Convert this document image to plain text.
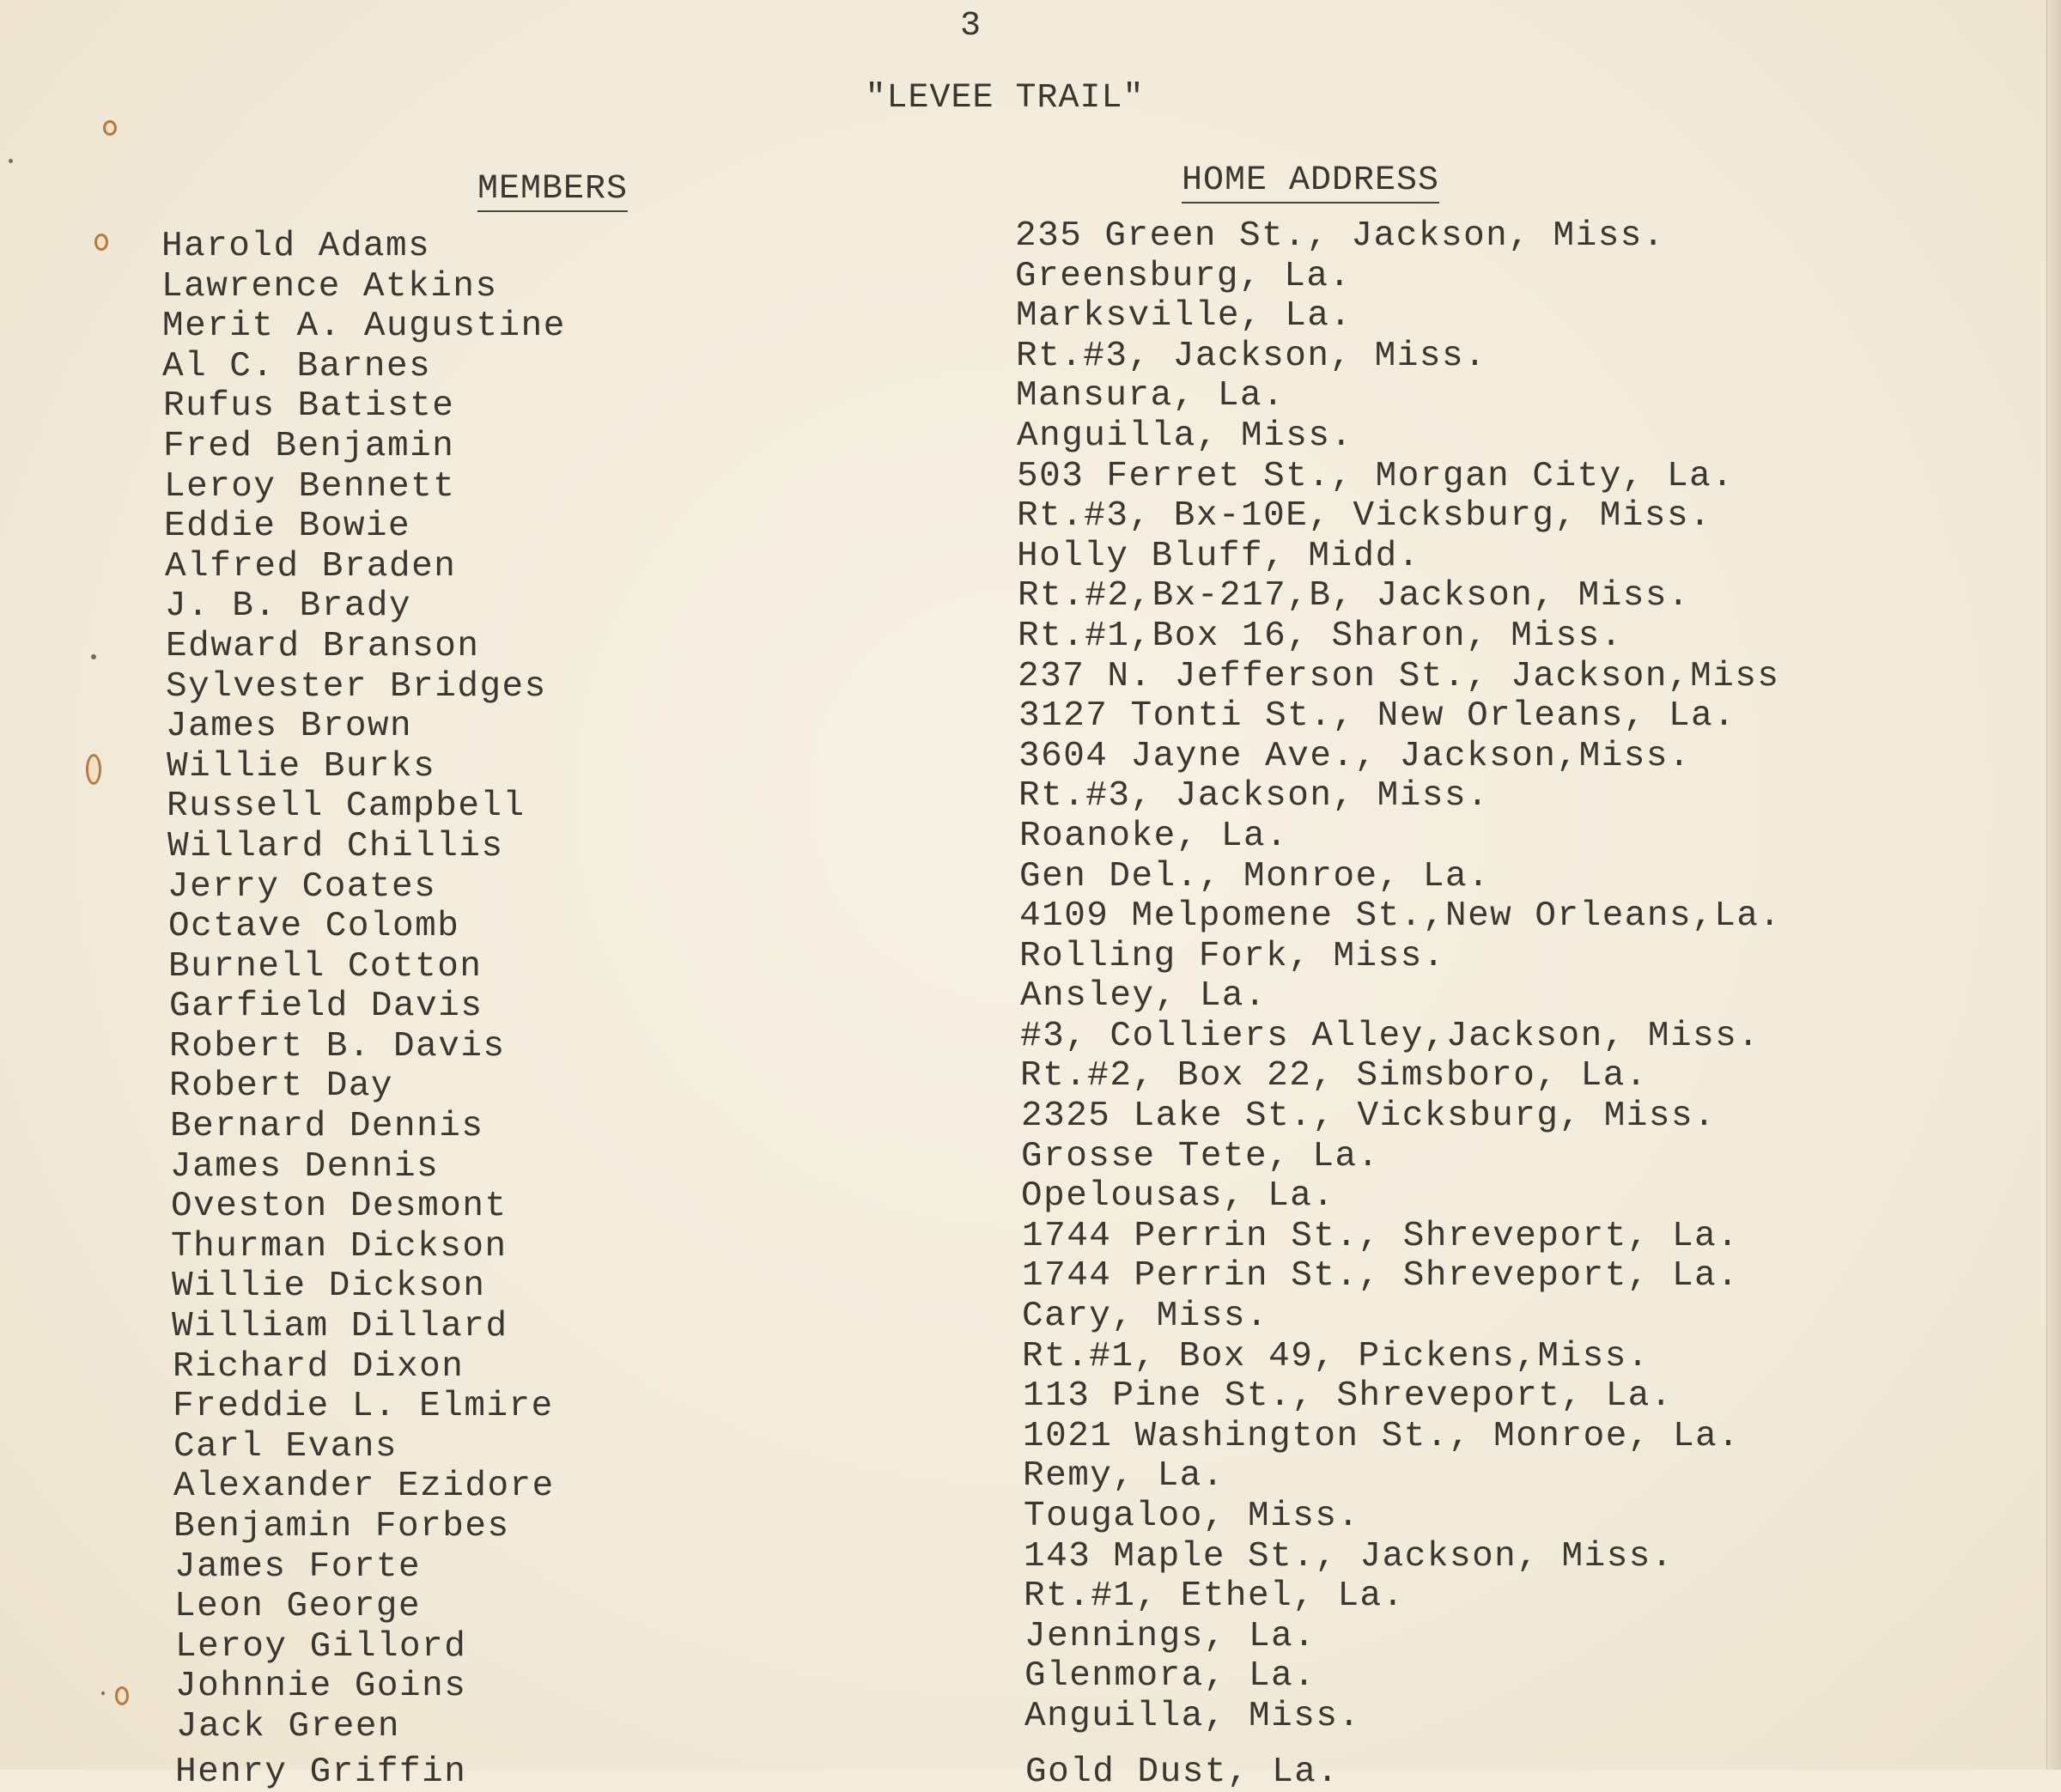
3
"LEVEE TRAIL"
MEMBERS	HOME ADDRESS
Harold Adams
Lawrence Atkins
Merit A. Augustine
Al C. Barnes
Rufus Batiste
Fred Benjamin
Leroy Bennett
Eddie Bowie
Alfred Braden
J. B. Brady
Edward Branson
Sylvester Bridges
James Brown
Willie Burks
Russell Campbell
Willard Chillis
Jerry Coates
Octave Colomb
Burnell Cotton
Garfield Davis
Robert B. Davis
Robert Day
Bernard Dennis
James Dennis
Oveston Desmont
Thurman Dickson
Willie Dickson
William Dillard
Richard Dixon
Freddie L. Elmire
Carl Evans
Alexander Ezidore
Benjamin Forbes
James Forte
Leon George
Leroy Gillord
Johnnie Goins
Jack Green
235 Green St., Jackson, Miss.
Greensburg, La.
Marksville, La.
Rt.#3, Jackson, Miss.
Mansura, La.
Anguilla, Miss.
503 Ferret St., Morgan City, La.
Rt.#3, Bx-10E, Vicksburg, Miss.
Holly Bluff, Midd.
Rt.#2,Bx-217,B, Jackson, Miss.
Rt.#1,Box 16, Sharon, Miss.
237 N. Jefferson St., Jackson,Miss
3127 Tonti St., New Orleans, La.
3604 Jayne Ave., Jackson,Miss.
Rt.#3, Jackson, Miss.
Roanoke, La.
Gen Del., Monroe, La.
4109 Melpomene St.,New Orleans,La.
Rolling Fork, Miss.
Ansley, La.
#3, Colliers Alley,Jackson, Miss.
Rt.#2, Box 22, Simsboro, La.
2325 Lake St., Vicksburg, Miss.
Grosse Tete, La.
Opelousas, La.
1744 Perrin St., Shreveport, La.
1744 Perrin St., Shreveport, La.
Cary, Miss.
Rt.#1, Box 49, Pickens,Miss.
113 Pine St., Shreveport, La.
1021 Washington St., Monroe, La.
Remy, La.
Tougaloo, Miss.
143 Maple St., Jackson, Miss.
Rt.#1, Ethel, La.
Jennings, La.
Glenmora, La.
Anguilla, Miss.
Henry Griffin	Gold Dust, La.
